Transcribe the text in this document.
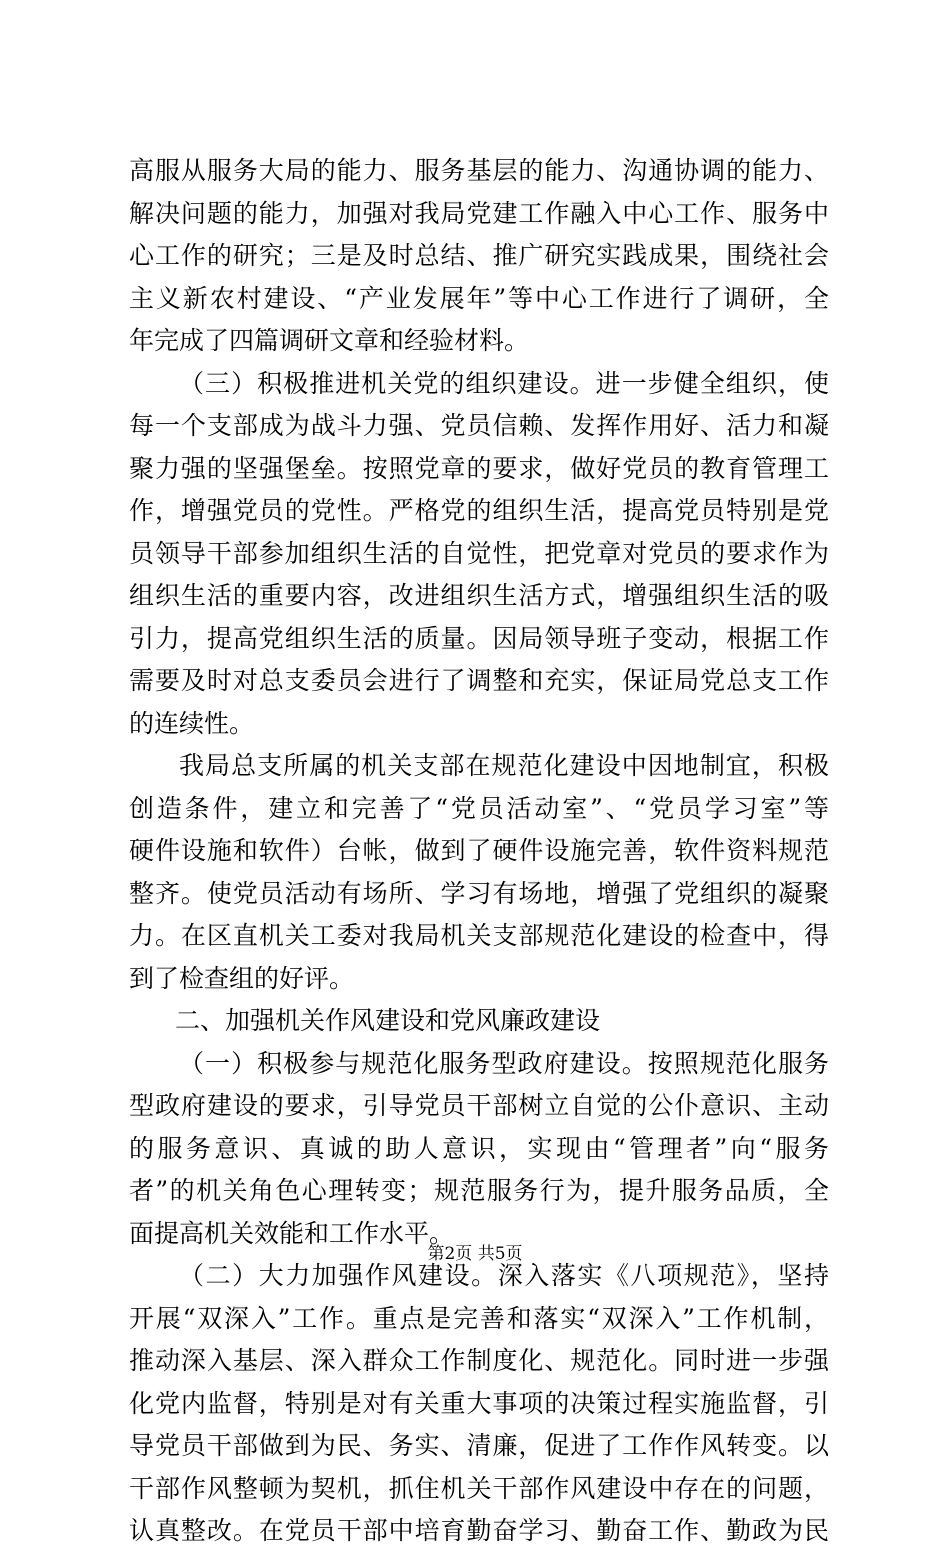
高服从服务大局的能力、服务基层的能力、沟通协调的能力、
解决问题的能力，加强对我局党建工作融入中心工作、服务中
心工作的研究；三是及时总结、推广研究实践成果，围绕社会
主义新农村建设、“产业发展年”等中心工作进行了调研，全
年完成了四篇调研文章和经验材料。
（三）积极推进机关党的组织建设。进一步健全组织，使
每一个支部成为战斗力强、党员信赖、发挥作用好、活力和凝
聚力强的坚强堡垒。按照党章的要求，做好党员的教育管理工
作，增强党员的党性。严格党的组织生活，提高党员特别是党
员领导干部参加组织生活的自觉性，把党章对党员的要求作为
组织生活的重要内容，改进组织生活方式，增强组织生活的吸
引力，提高党组织生活的质量。因局领导班子变动，根据工作
需要及时对总支委员会进行了调整和充实，保证局党总支工作
的连续性。
我局总支所属的机关支部在规范化建设中因地制宜，积极
创造条件，建立和完善了“党员活动室”、“党员学习室”等
硬件设施和软件）台帐，做到了硬件设施完善，软件资料规范
整齐。使党员活动有场所、学习有场地，增强了党组织的凝聚
力。在区直机关工委对我局机关支部规范化建设的检查中，得
到了检查组的好评。
二、加强机关作风建设和党风廉政建设
（一）积极参与规范化服务型政府建设。按照规范化服务
型政府建设的要求，引导党员干部树立自觉的公仆意识、主动
的服务意识、真诚的助人意识，实现由“管理者”向“服务
者”的机关角色心理转变；规范服务行为，提升服务品质，全
面提高机关效能和工作水平。
（二）大力加强作风建设。深入落实《八项规范》，坚持
开展“双深入”工作。重点是完善和落实“双深入”工作机制，
推动深入基层、深入群众工作制度化、规范化。同时进一步强
化党内监督，特别是对有关重大事项的决策过程实施监督，引
导党员干部做到为民、务实、清廉，促进了工作作风转变。以
干部作风整顿为契机，抓住机关干部作风建设中存在的问题，
认真整改。在党员干部中培育勤奋学习、勤奋工作、勤政为民
第2页 共5页
